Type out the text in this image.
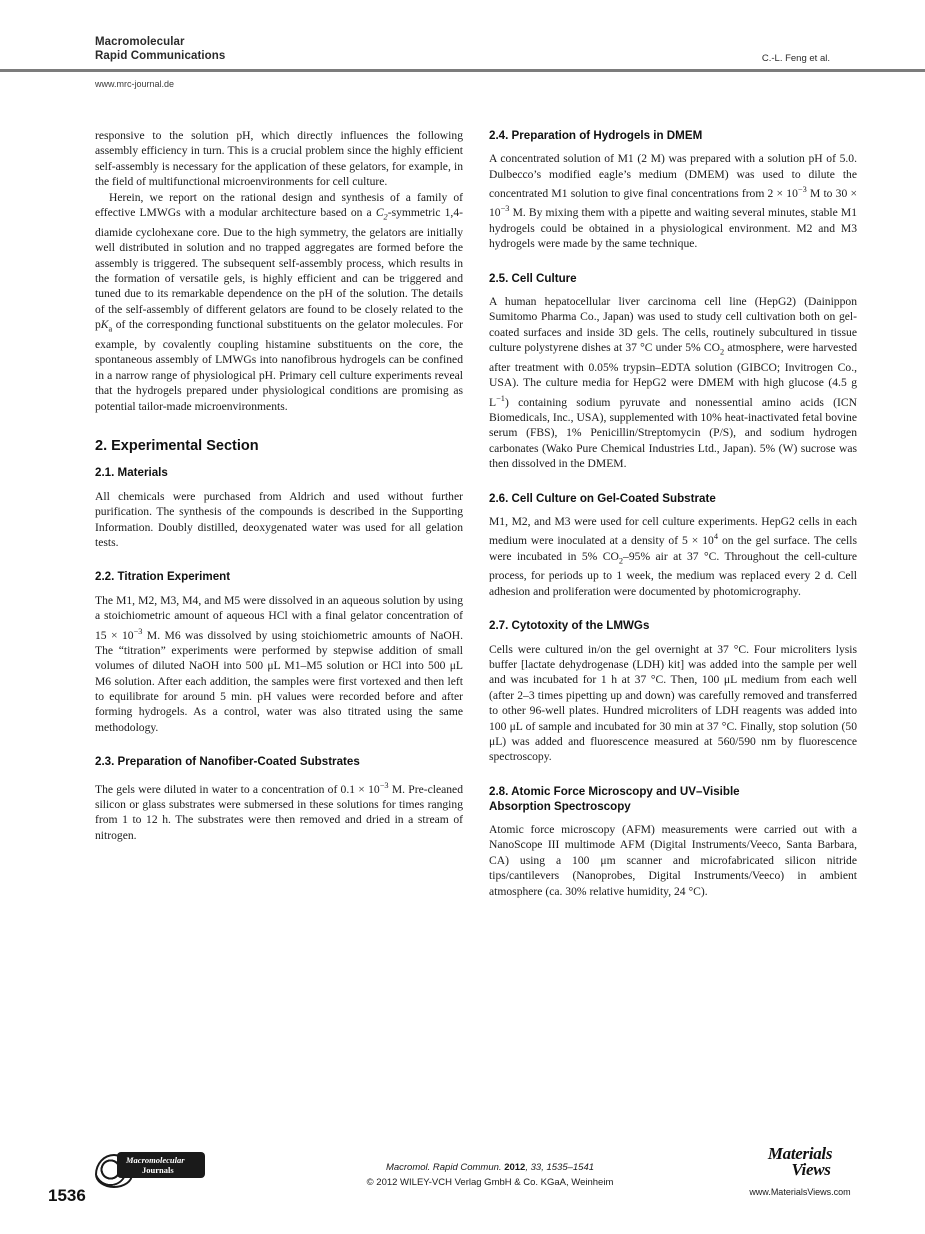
Macromolecular
Rapid Communications	C.-L. Feng et al.
www.mrc-journal.de

responsive to the solution pH, which directly influences the following assembly efficiency in turn. This is a crucial problem since the highly efficient self-assembly is necessary for the application of these gelators, for example, in the field of multifunctional microenvironments for cell culture.

Herein, we report on the rational design and synthesis of a family of effective LMWGs with a modular architecture based on a $C_2$-symmetric 1,4-diamide cyclohexane core. Due to the high symmetry, the gelators are initially well distributed in solution and no trapped aggregates are formed before the assembly is triggered. The subsequent self-assembly process, which results in the formation of versatile gels, is highly efficient and can be triggered and tuned due to its remarkable dependence on the pH of the solution. The details of the self-assembly of different gelators are found to be closely related to the $pK_a$ of the corresponding functional substituents on the gelator molecules. For example, by covalently coupling histamine substituents on the core, the spontaneous assembly of LMWGs into nanofibrous hydrogels can be confined in a narrow range of physiological pH. Primary cell culture experiments reveal that the hydrogels prepared under physiological conditions are promising as potential tailor-made microenvironments.

2. Experimental Section
2.1. Materials

All chemicals were purchased from Aldrich and used without further purification. The synthesis of the compounds is described in the Supporting Information. Doubly distilled, deoxygenated water was used for all gelation tests.

2.2. Titration Experiment

The M1, M2, M3, M4, and M5 were dissolved in an aqueous solution by using a stoichiometric amount of aqueous HCl with a final gelator concentration of $15 \times 10^{-3}$ M. M6 was dissolved by using stoichiometric amounts of NaOH. The “titration” experiments were performed by stepwise addition of small volumes of diluted NaOH into 500 μL M1–M5 solution or HCl into 500 μL M6 solution. After each addition, the samples were first vortexed and then left to equilibrate for around 5 min. pH values were recorded before and after forming hydrogels. As a control, water was also titrated using the same methodology.

2.3. Preparation of Nanofiber-Coated Substrates

The gels were diluted in water to a concentration of $0.1 \times 10^{-3}$ M. Pre-cleaned silicon or glass substrates were submersed in these solutions for times ranging from 1 to 12 h. The substrates were then removed and dried in a stream of nitrogen.

2.4. Preparation of Hydrogels in DMEM

A concentrated solution of M1 (2 M) was prepared with a solution pH of 5.0. Dulbecco’s modified eagle’s medium (DMEM) was used to dilute the concentrated M1 solution to give final concentrations from $2 \times 10^{-3}$ M to $30 \times 10^{-3}$ M. By mixing them with a pipette and waiting several minutes, stable M1 hydrogels could be obtained in a physiological environment. M2 and M3 hydrogels were made by the same technique.

2.5. Cell Culture

A human hepatocellular liver carcinoma cell line (HepG2) (Dainippon Sumitomo Pharma Co., Japan) was used to study cell cultivation both on gel-coated surfaces and inside 3D gels. The cells, routinely subcultured in tissue culture polystyrene dishes at 37 °C under 5% $CO_2$ atmosphere, were harvested after treatment with 0.05% trypsin–EDTA solution (GIBCO; Invitrogen Co., USA). The culture media for HepG2 were DMEM with high glucose (4.5 g $L^{-1}$) containing sodium pyruvate and nonessential amino acids (ICN Biomedicals, Inc., USA), supplemented with 10% heat-inactivated fetal bovine serum (FBS), 1% Penicillin/Streptomycin (P/S), and sodium hydrogen carbonates (Wako Pure Chemical Industries Ltd., Japan). 5% (W) sucrose was then dissolved in the DMEM.

2.6. Cell Culture on Gel-Coated Substrate

M1, M2, and M3 were used for cell culture experiments. HepG2 cells in each medium were inoculated at a density of $5 \times 10^4$ on the gel surface. The cells were incubated in 5% $CO_2-95\%$ air at 37 °C. Throughout the cell-culture process, for periods up to 1 week, the medium was replaced every 2 d. Cell adhesion and proliferation were documented by photomicrography.

2.7. Cytotoxity of the LMWGs

Cells were cultured in/on the gel overnight at 37 °C. Four microliters lysis buffer [lactate dehydrogenase (LDH) kit] was added into the sample per well and was incubated for 1 h at 37 °C. Then, 100 μL medium from each well (after 2–3 times pipetting up and down) was carefully removed and transferred to other 96-well plates. Hundred microliters of LDH reagents was added into 100 μL of sample and incubated for 30 min at 37 °C. Finally, stop solution (50 μL) was added and fluorescence measured at 560/590 nm by fluorescence spectroscopy.

2.8. Atomic Force Microscopy and UV–Visible
Absorption Spectroscopy

Atomic force microscopy (AFM) measurements were carried out with a NanoScope III multimode AFM (Digital Instruments/Veeco, Santa Barbara, CA) using a 100 μm scanner and microfabricated silicon nitride tips/cantilevers (Nanoprobes, Digital Instruments/Veeco) in ambient atmosphere (ca. 30% relative humidity, 24 °C).

1536
Macromolecular
Journals	Macromol. Rapid Commun. 2012, 33, 1535–1541
© 2012 WILEY-VCH Verlag GmbH & Co. KGaA, Weinheim
Materials
Views
www.MaterialsViews.com
